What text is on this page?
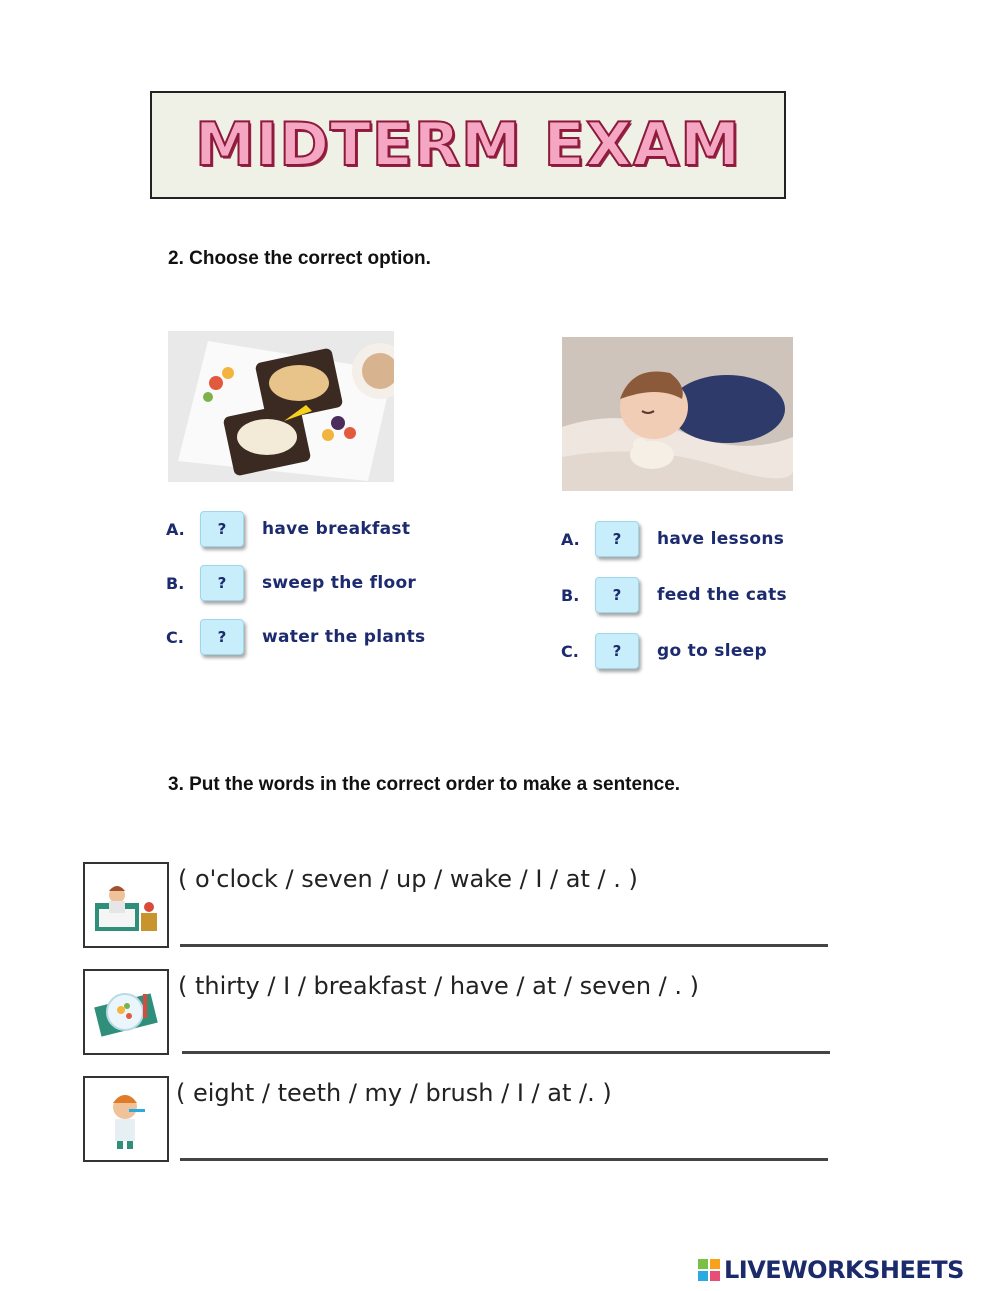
MIDTERM EXAM
2. Choose the correct option.
A.	?	have breakfast
B.	?	sweep the floor
C.	?	water the plants
A.	?	have lessons
B.	?	feed the cats
C.	?	go to sleep
3. Put the words in the correct order to make a sentence.
( o'clock / seven / up / wake / I / at / . )
( thirty / I / breakfast / have / at / seven / . )
( eight / teeth / my / brush / I / at /. )
LIVEWORKSHEETS
